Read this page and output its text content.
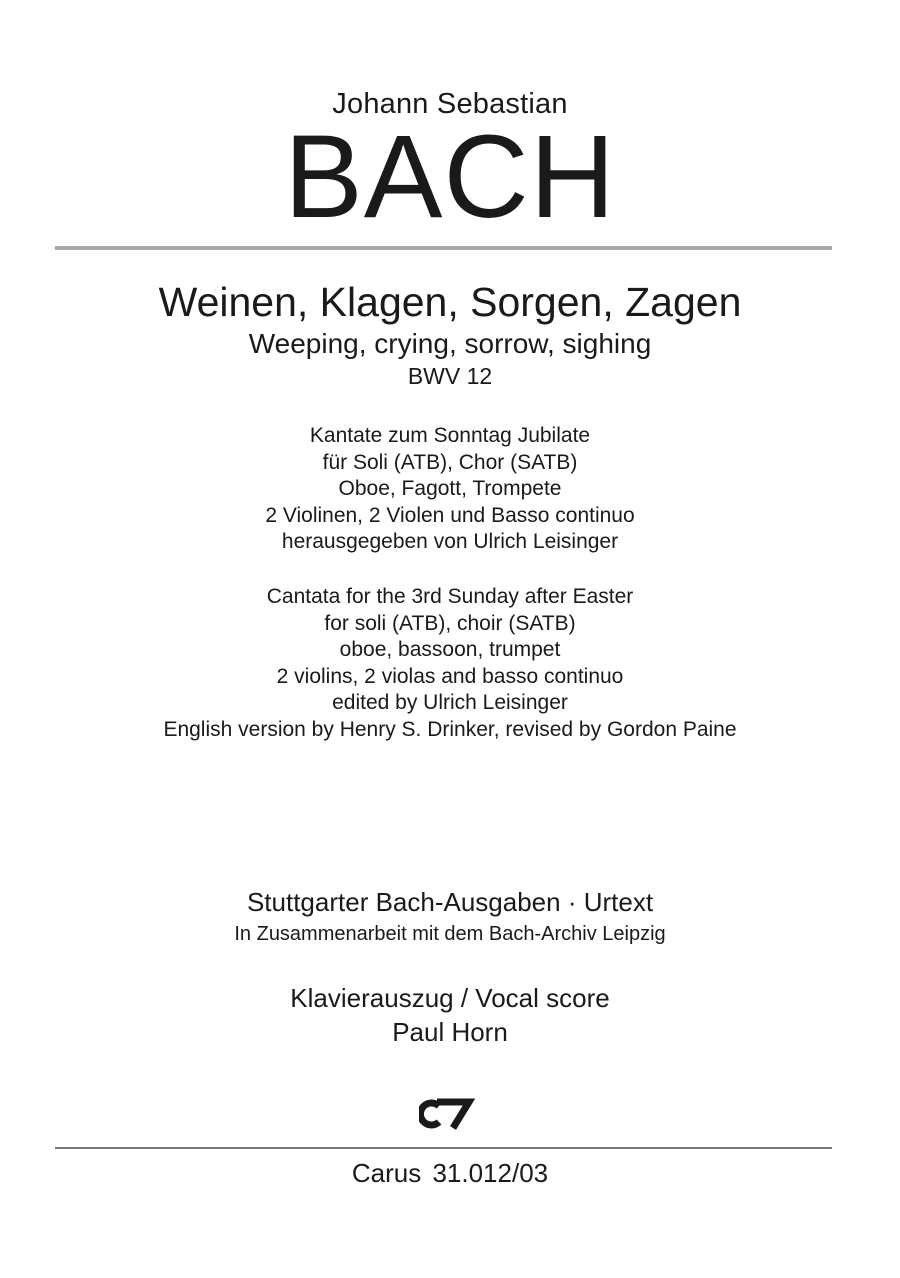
Johann Sebastian
BACH
Weinen, Klagen, Sorgen, Zagen
Weeping, crying, sorrow, sighing
BWV 12
Kantate zum Sonntag Jubilate
für Soli (ATB), Chor (SATB)
Oboe, Fagott, Trompete
2 Violinen, 2 Violen und Basso continuo
herausgegeben von Ulrich Leisinger
Cantata for the 3rd Sunday after Easter
for soli (ATB), choir (SATB)
oboe, bassoon, trumpet
2 violins, 2 violas and basso continuo
edited by Ulrich Leisinger
English version by Henry S. Drinker, revised by Gordon Paine
Stuttgarter Bach-Ausgaben · Urtext
In Zusammenarbeit mit dem Bach-Archiv Leipzig
Klavierauszug / Vocal score
Paul Horn
Carus 31.012/03
